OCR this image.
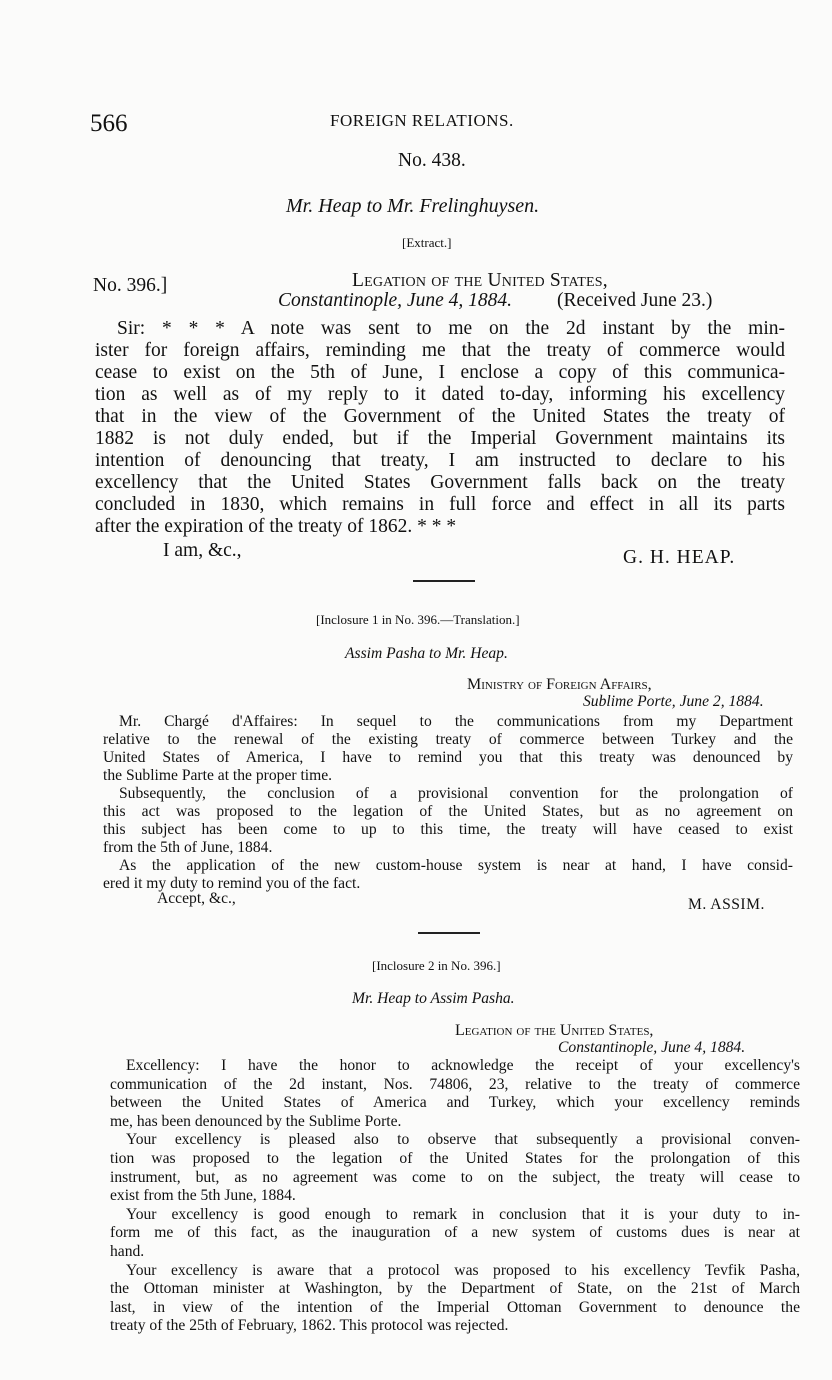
566	FOREIGN RELATIONS.
No. 438.
Mr. Heap to Mr. Frelinghuysen.
[Extract.]
No. 396.]	Legation of the United States,
Constantinople, June 4, 1884. (Received June 23.)
Sir: * * * A note was sent to me on the 2d instant by the min-
ister for foreign affairs, reminding me that the treaty of commerce would
cease to exist on the 5th of June, I enclose a copy of this communica-
tion as well as of my reply to it dated to-day, informing his excellency
that in the view of the Government of the United States the treaty of
1882 is not duly ended, but if the Imperial Government maintains its
intention of denouncing that treaty, I am instructed to declare to his
excellency that the United States Government falls back on the treaty
concluded in 1830, which remains in full force and effect in all its parts
after the expiration of the treaty of 1862. * * *
I am, &c.,	G. H. HEAP.
[Inclosure 1 in No. 396.—Translation.]
Assim Pasha to Mr. Heap.
Ministry of Foreign Affairs,
Sublime Porte, June 2, 1884.
Mr. Chargé d'Affaires: In sequel to the communications from my Department
relative to the renewal of the existing treaty of commerce between Turkey and the
United States of America, I have to remind you that this treaty was denounced by
the Sublime Parte at the proper time.
Subsequently, the conclusion of a provisional convention for the prolongation of
this act was proposed to the legation of the United States, but as no agreement on
this subject has been come to up to this time, the treaty will have ceased to exist
from the 5th of June, 1884.
As the application of the new custom-house system is near at hand, I have consid-
ered it my duty to remind you of the fact.
Accept, &c.,	M. ASSIM.
[Inclosure 2 in No. 396.]
Mr. Heap to Assim Pasha.
Legation of the United States,
Constantinople, June 4, 1884.
Excellency: I have the honor to acknowledge the receipt of your excellency's
communication of the 2d instant, Nos. 74806, 23, relative to the treaty of commerce
between the United States of America and Turkey, which your excellency reminds
me, has been denounced by the Sublime Porte.
Your excellency is pleased also to observe that subsequently a provisional conven-
tion was proposed to the legation of the United States for the prolongation of this
instrument, but, as no agreement was come to on the subject, the treaty will cease to
exist from the 5th June, 1884.
Your excellency is good enough to remark in conclusion that it is your duty to in-
form me of this fact, as the inauguration of a new system of customs dues is near at
hand.
Your excellency is aware that a protocol was proposed to his excellency Tevfik Pasha,
the Ottoman minister at Washington, by the Department of State, on the 21st of March
last, in view of the intention of the Imperial Ottoman Government to denounce the
treaty of the 25th of February, 1862. This protocol was rejected.
